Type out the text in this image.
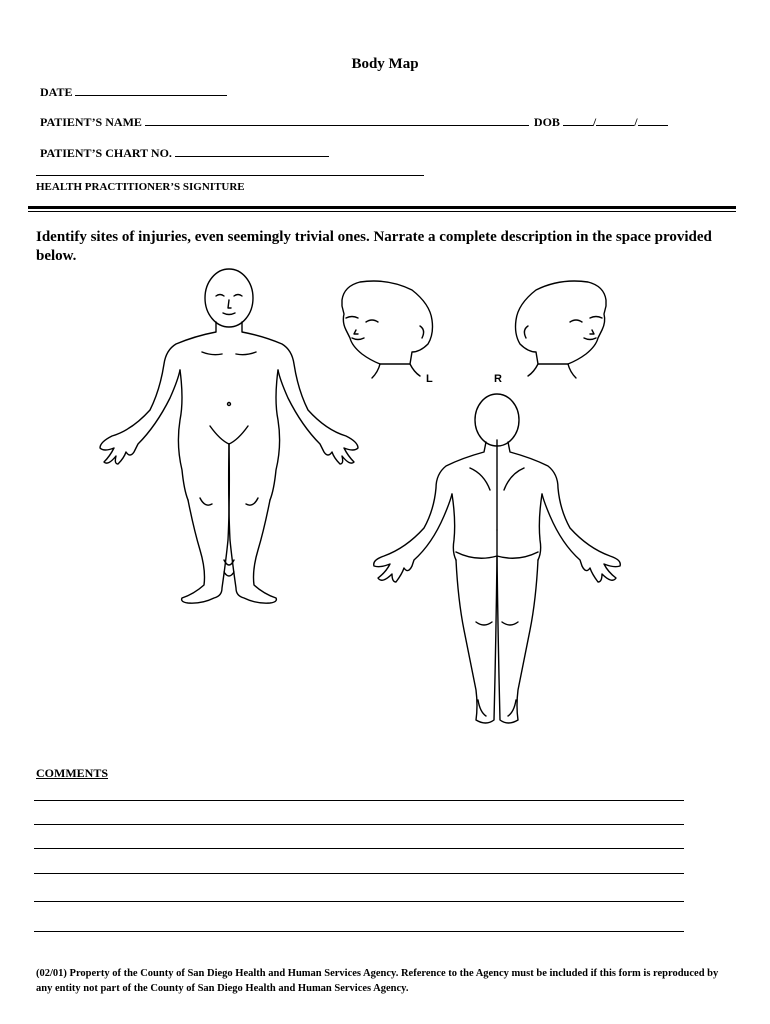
Body Map
DATE
PATIENT’S NAME	DOB	/	/
PATIENT’S CHART NO.
HEALTH PRACTITIONER’S SIGNITURE
Identify sites of injuries, even seemingly trivial ones. Narrate a complete description in the space provided below.
L	R
COMMENTS
(02/01) Property of the County of San Diego Health and Human Services Agency. Reference to the Agency must be included if this form is reproduced by any entity not part of the County of San Diego Health and Human Services Agency.
